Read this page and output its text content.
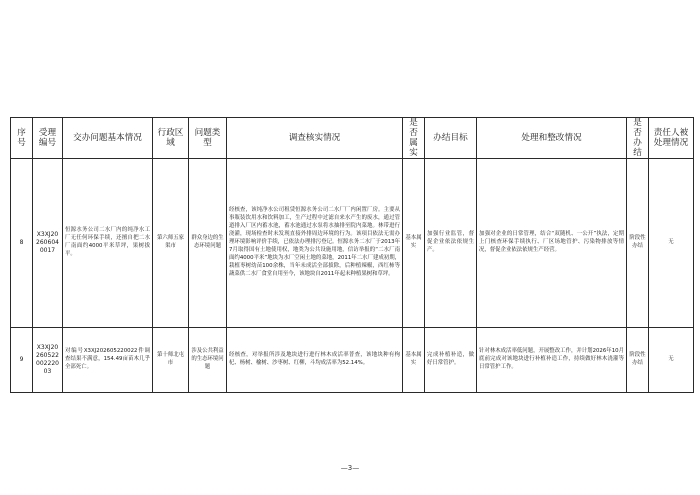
序号	受理编号	交办问题基本情况	行政区域	问题类型	调查核实情况	是否属实	办结目标	处理和整改情况	是否办结	责任人被处理情况
8	X3XJ202606040017	恒源水务公司二水厂内的纯净水工厂无任何环保手续，还擅自把二水厂南面约4000平米草坪，果树拔平。	第六师五家渠市	群众身边的生态环境问题	经核查，该纯净水公司租赁恒源水务公司二水厂厂内闲置厂房。主要从事瓶装饮用水和饮料加工，生产过程中过滤自来水产生的废水，通过管道排入厂区内蓄水池，蓄水池通过水泵将水抽排至院内菜地。林带进行浇灌，现场检查时未发现直接外排周边环境的行为。该项目依法无需办理环境影响评价手续，已依法办理排污登记。恒源水务二水厂于2013年7月取得国有土地使用权，地类为公共设施用地，信访举报的“二水厂南面约4000平米”地块为水厂空闲土地的菜地，2011年二水厂建成初期，栽植枣树幼苗100余株，当年未成活全部拔除，后种植辣椒，西红柿等蔬菜供二水厂食堂自用至今，该地块自2011年起未种植果树和草坪。	基本属实	加强行业监管，督促企业依法依规生产。	加强对企业的日常管理，结合“双随机、一公开”执法，定期上门核查环保手续执行、厂区场地管护、污染物排放等情况，督促企业依法依规生产经营。	阶段性办结	无
9	X3XJ2026052200222003	对编号X3XJ202605220022件调查结果不满意，154.49亩苗木几乎全部死亡。	第十师北屯市	涉及公共利益的生态环境问题	经核查，对举报所涉及地块进行进行林木成活率普查，该地块种有枸杞、杨树、榆树、沙枣树、红柳，斗均成活率为52.14%。	基本属实	完成补植补造，做好日常管护。	针对林木成活率低问题，开展整改工作，并计划2026年10月底前完成对该地块进行补植补造工作，持续做好林木浇灌等日常管护工作。	阶段性办结	无
—3—
